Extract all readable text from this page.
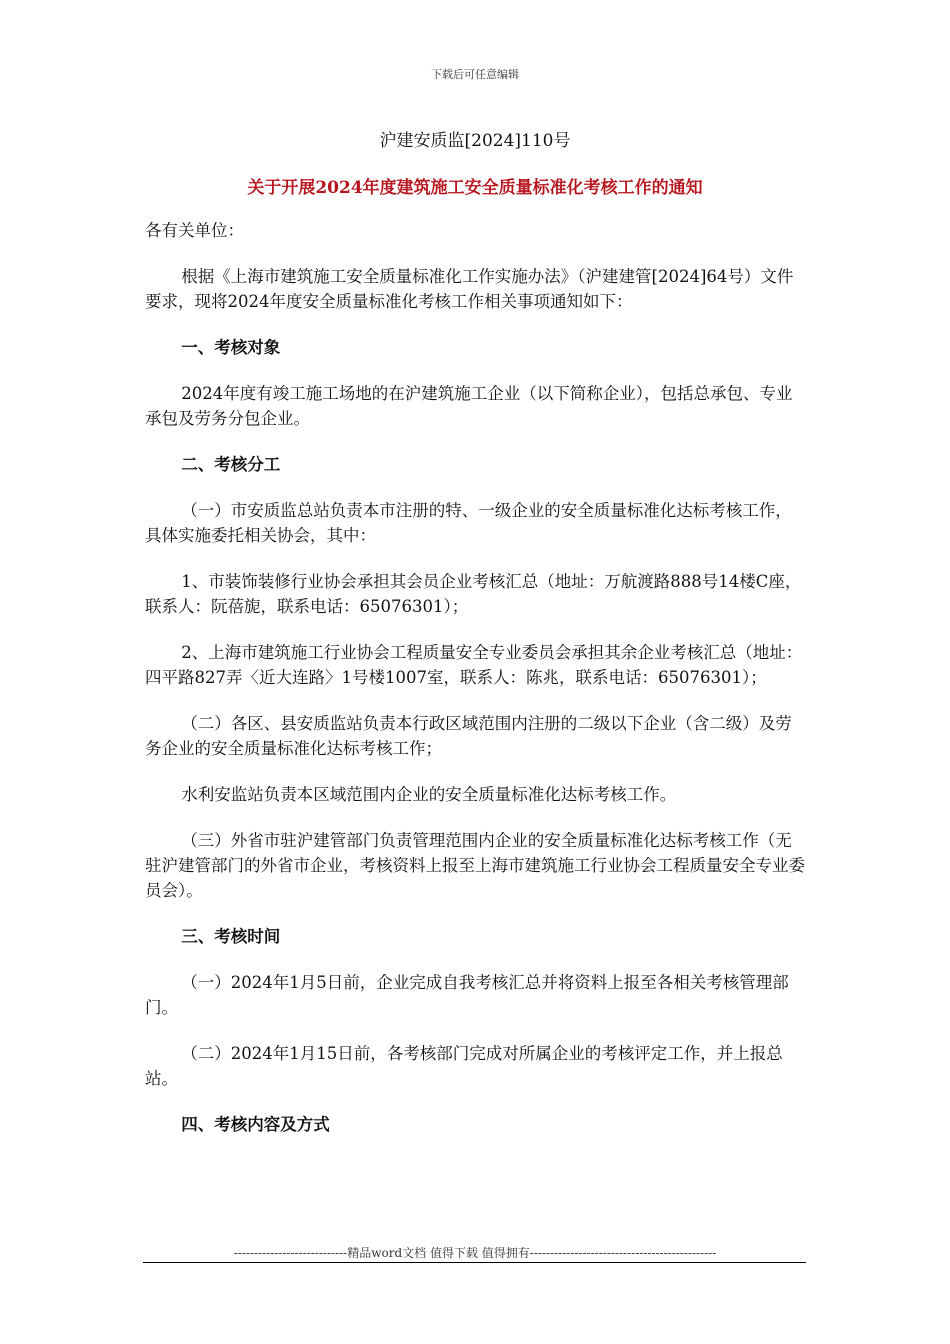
下载后可任意编辑
沪建安质监[2024]110号
关于开展2024年度建筑施工安全质量标准化考核工作的通知

各有关单位：

根据《上海市建筑施工安全质量标准化工作实施办法》（沪建建管[2024]64号）文件要求，现将2024年度安全质量标准化考核工作相关事项通知如下：

一、考核对象

2024年度有竣工施工场地的在沪建筑施工企业（以下简称企业），包括总承包、专业承包及劳务分包企业。

二、考核分工

（一）市安质监总站负责本市注册的特、一级企业的安全质量标准化达标考核工作，具体实施委托相关协会，其中：

1、市装饰装修行业协会承担其会员企业考核汇总（地址：万航渡路888号14楼C座，联系人：阮蓓旎，联系电话：65076301）；

2、上海市建筑施工行业协会工程质量安全专业委员会承担其余企业考核汇总（地址：四平路827弄〈近大连路〉1号楼1007室，联系人：陈兆，联系电话：65076301）；

（二）各区、县安质监站负责本行政区域范围内注册的二级以下企业（含二级）及劳务企业的安全质量标准化达标考核工作；

水利安监站负责本区域范围内企业的安全质量标准化达标考核工作。

（三）外省市驻沪建管部门负责管理范围内企业的安全质量标准化达标考核工作（无驻沪建管部门的外省市企业，考核资料上报至上海市建筑施工行业协会工程质量安全专业委员会）。

三、考核时间

（一）2024年1月5日前，企业完成自我考核汇总并将资料上报至各相关考核管理部门。

（二）2024年1月15日前，各考核部门完成对所属企业的考核评定工作，并上报总站。

四、考核内容及方式

----------------------------精品word文档 值得下载 值得拥有----------------------------------------------
